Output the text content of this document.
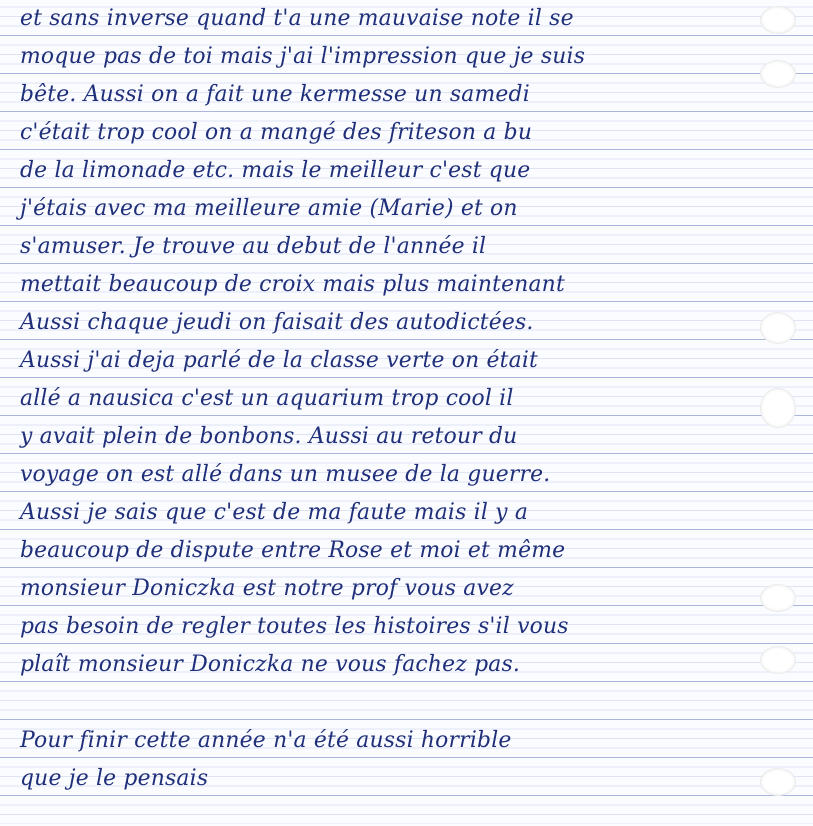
et sans inverse quand t'a une mauvaise note il se
moque pas de toi mais j'ai l'impression que je suis
bête. Aussi on a fait une kermesse un samedi
c'était trop cool on a mangé des friteson a bu
de la limonade etc. mais le meilleur c'est que
j'étais avec ma meilleure amie (Marie) et on
s'amuser. Je trouve au debut de l'année il
mettait beaucoup de croix mais plus maintenant
Aussi chaque jeudi on faisait des autodictées.
Aussi j'ai deja parlé de la classe verte on était
allé a nausica c'est un aquarium trop cool il
y avait plein de bonbons. Aussi au retour du
voyage on est allé dans un musee de la guerre.
Aussi je sais que c'est de ma faute mais il y a
beaucoup de dispute entre Rose et moi et même
monsieur Doniczka est notre prof vous avez
pas besoin de regler toutes les histoires s'il vous
plaît monsieur Doniczka ne vous fachez pas.
Pour finir cette année n'a été aussi horrible
que je le pensais
